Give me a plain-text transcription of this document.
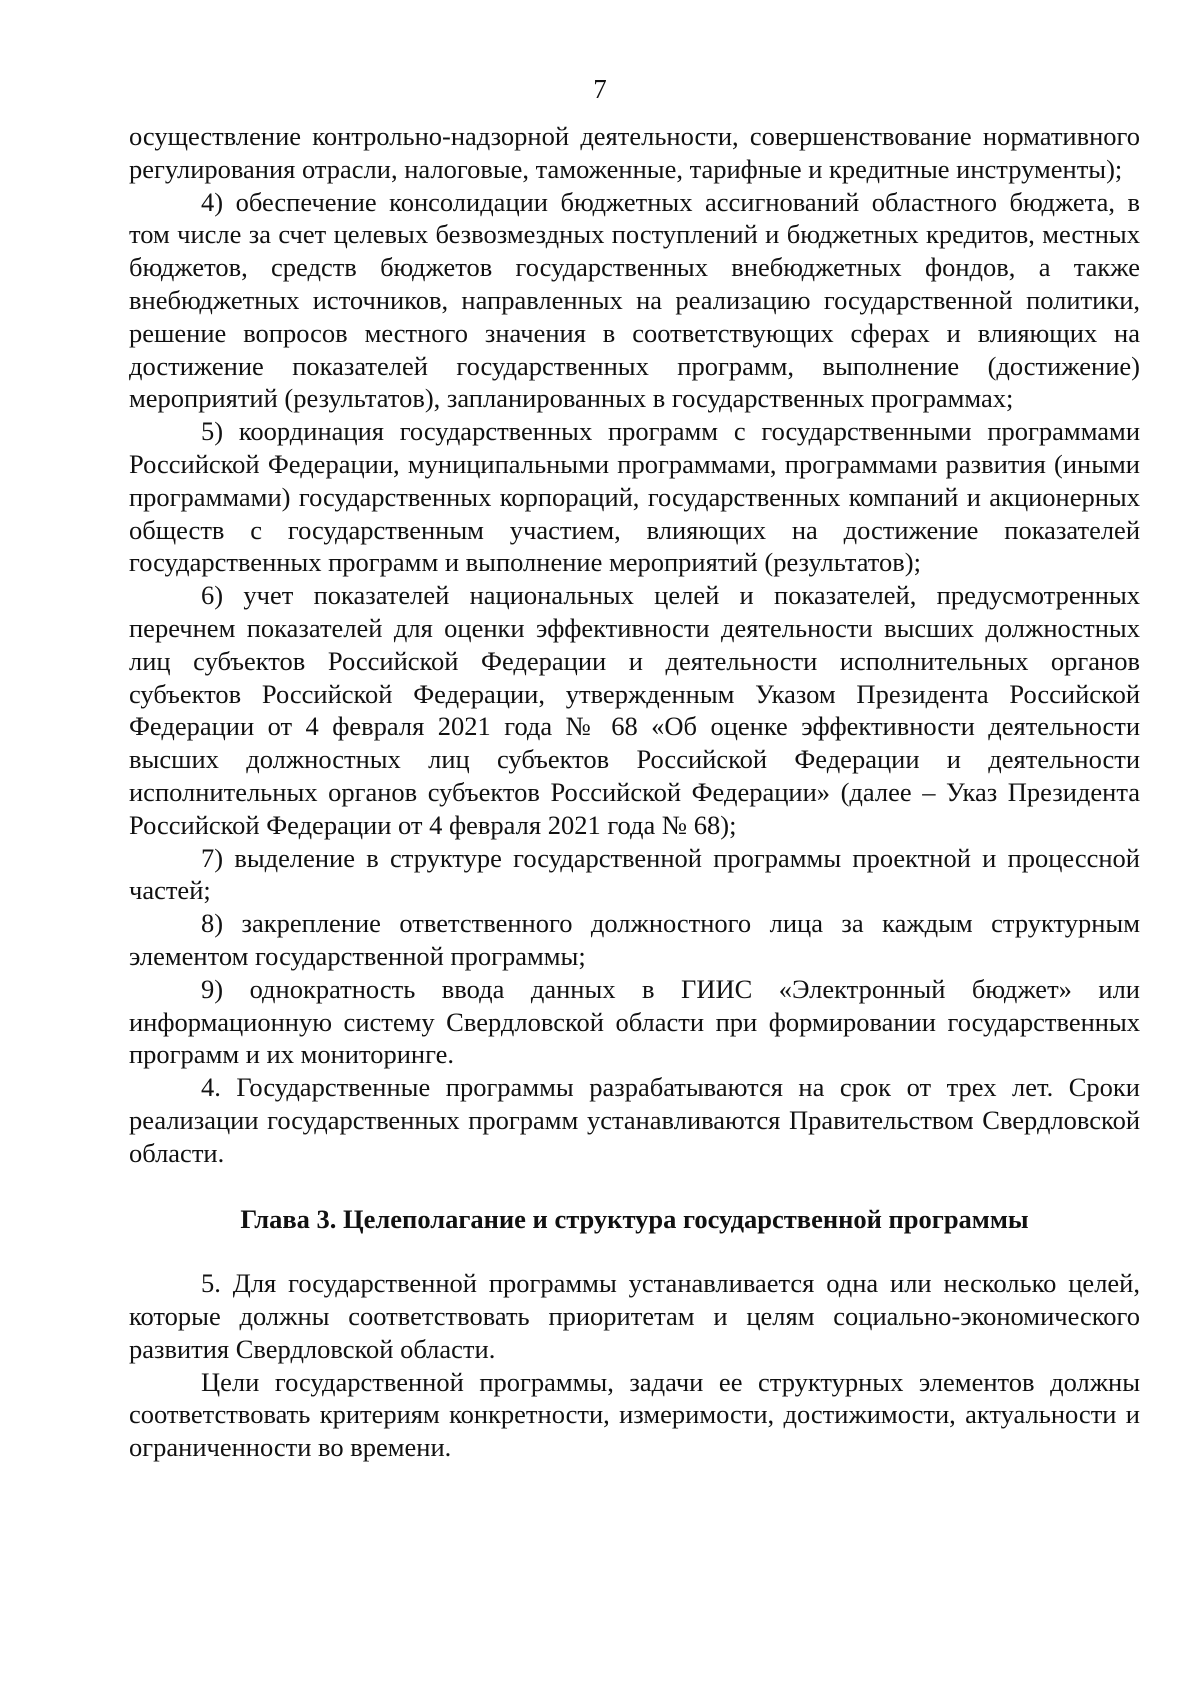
7

осуществление контрольно-надзорной деятельности, совершенствование нормативного регулирования отрасли, налоговые, таможенные, тарифные и кредитные инструменты);

4) обеспечение консолидации бюджетных ассигнований областного бюджета, в том числе за счет целевых безвозмездных поступлений и бюджетных кредитов, местных бюджетов, средств бюджетов государственных внебюджетных фондов, а также внебюджетных источников, направленных на реализацию государственной политики, решение вопросов местного значения в соответствующих сферах и влияющих на достижение показателей государственных программ, выполнение (достижение) мероприятий (результатов), запланированных в государственных программах;

5) координация государственных программ с государственными программами Российской Федерации, муниципальными программами, программами развития (иными программами) государственных корпораций, государственных компаний и акционерных обществ с государственным участием, влияющих на достижение показателей государственных программ и выполнение мероприятий (результатов);

6) учет показателей национальных целей и показателей, предусмотренных перечнем показателей для оценки эффективности деятельности высших должностных лиц субъектов Российской Федерации и деятельности исполнительных органов субъектов Российской Федерации, утвержденным Указом Президента Российской Федерации от 4 февраля 2021 года № 68 «Об оценке эффективности деятельности высших должностных лиц субъектов Российской Федерации и деятельности исполнительных органов субъектов Российской Федерации» (далее – Указ Президента Российской Федерации от 4 февраля 2021 года № 68);

7) выделение в структуре государственной программы проектной и процессной частей;

8) закрепление ответственного должностного лица за каждым структурным элементом государственной программы;

9) однократность ввода данных в ГИИС «Электронный бюджет» или информационную систему Свердловской области при формировании государственных программ и их мониторинге.

4. Государственные программы разрабатываются на срок от трех лет. Сроки реализации государственных программ устанавливаются Правительством Свердловской области.

Глава 3. Целеполагание и структура государственной программы

5. Для государственной программы устанавливается одна или несколько целей, которые должны соответствовать приоритетам и целям социально-экономического развития Свердловской области.

Цели государственной программы, задачи ее структурных элементов должны соответствовать критериям конкретности, измеримости, достижимости, актуальности и ограниченности во времени.
